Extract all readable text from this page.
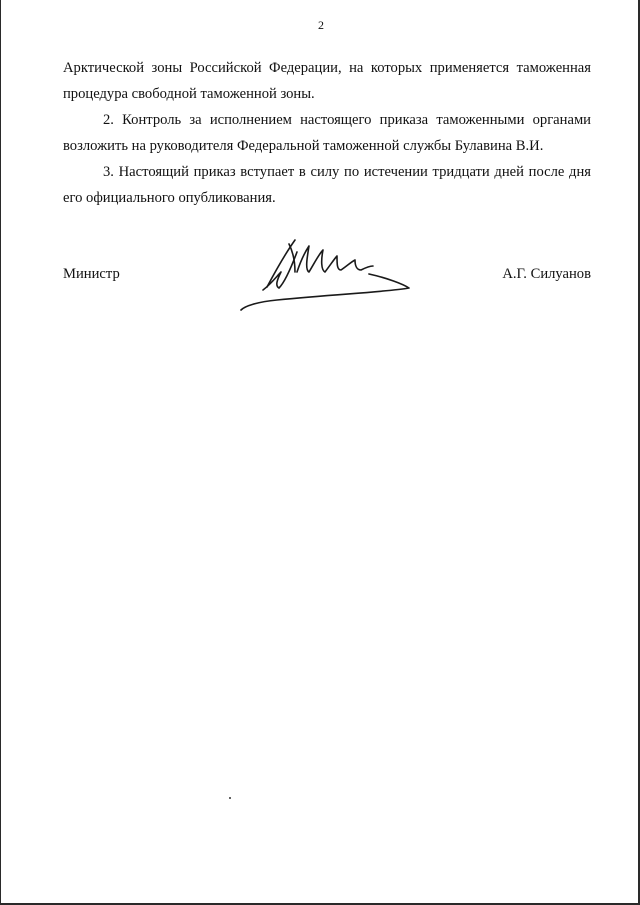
2

Арктической зоны Российской Федерации, на которых применяется таможенная
процедура свободной таможенной зоны.

2. Контроль за исполнением настоящего приказа таможенными органами
возложить на руководителя Федеральной таможенной службы Булавина В.И.

3. Настоящий приказ вступает в силу по истечении тридцати дней после дня
его официального опубликования.

Министр	А.Г. Силуанов
